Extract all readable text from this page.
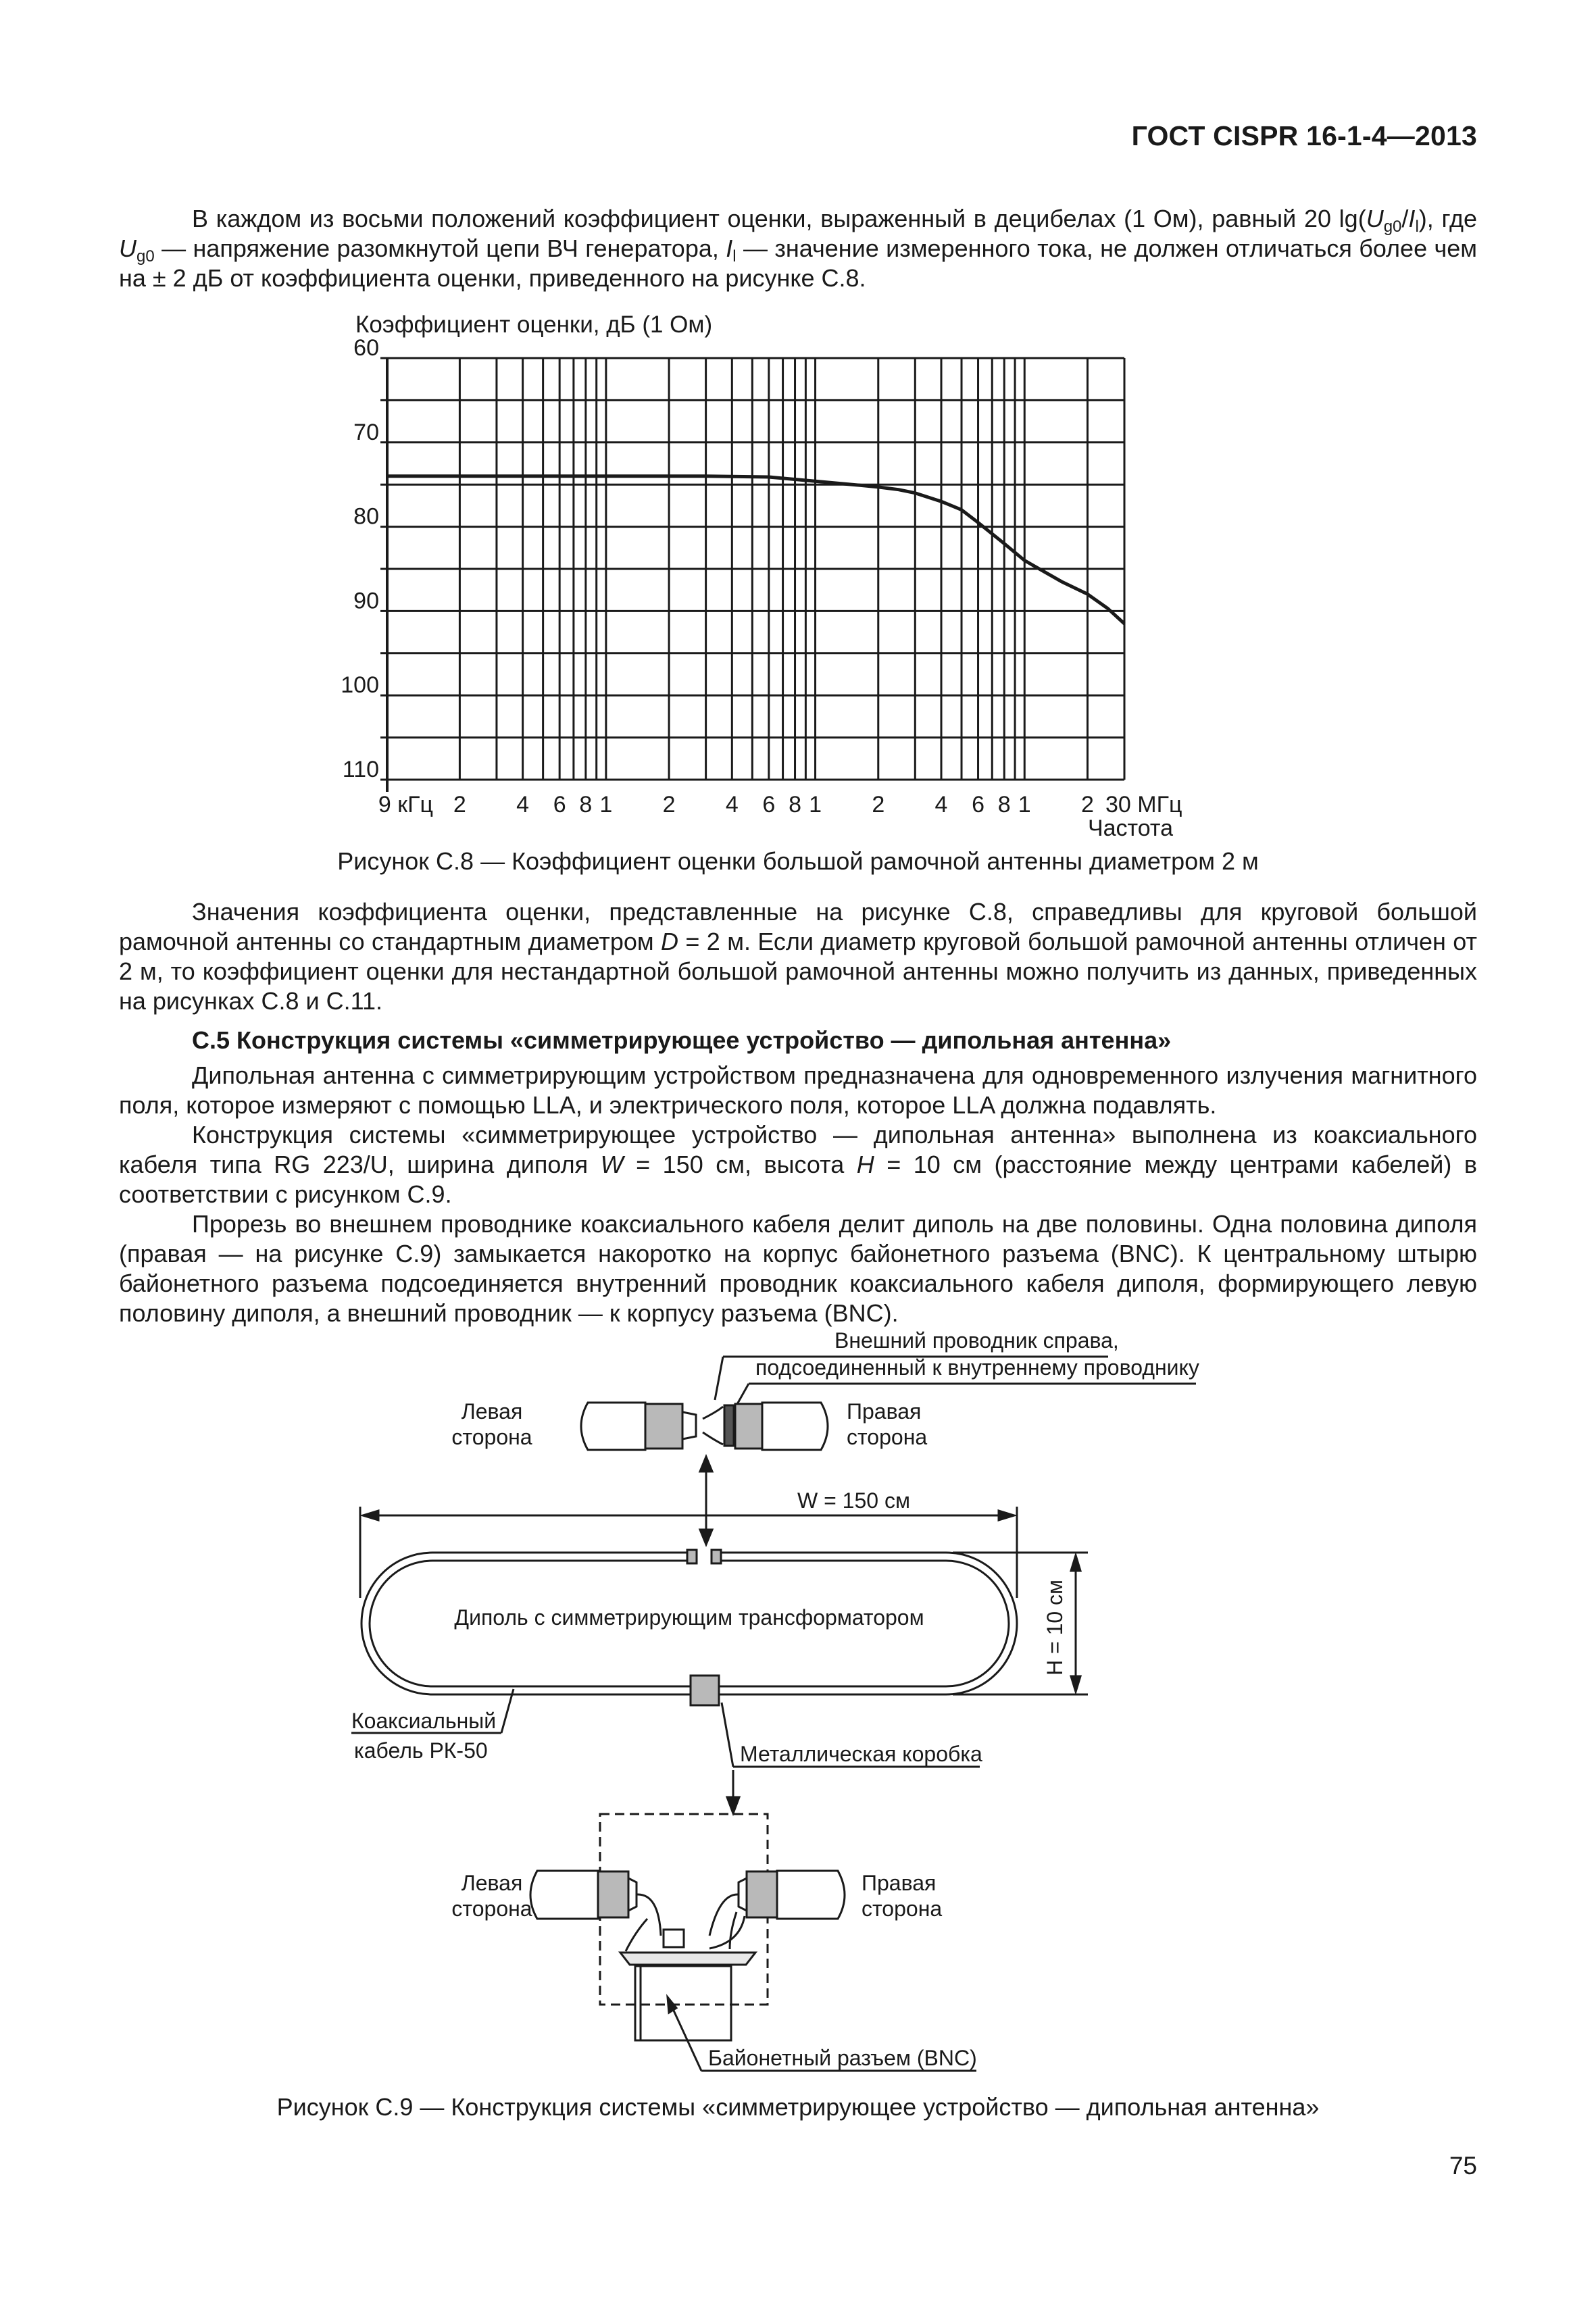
ГОСТ CISPR 16-1-4—2013
В каждом из восьми положений коэффициент оценки, выраженный в децибелах (1 Ом), равный 20 $\lg(U_{g0}/I_l)$, где $U_{g0}$ — напряжение разомкнутой цепи ВЧ генератора, $I_l$ — значение измеренного тока, не должен отличаться более чем на ± 2 дБ от коэффициента оценки, приведенного на рисунке С.8.
Коэффициент оценки, дБ (1 Ом)
60
70
80
90
100
110
9 кГц 2 4 6 8 1 2 4 6 8 1 2 4 6 8 1 2 30 МГц
Частота
Рисунок С.8 — Коэффициент оценки большой рамочной антенны диаметром 2 м
Значения коэффициента оценки, представленные на рисунке С.8, справедливы для круговой большой рамочной антенны со стандартным диаметром D = 2 м. Если диаметр круговой большой рамочной антенны отличен от 2 м, то коэффициент оценки для нестандартной большой рамочной антенны можно получить из данных, приведенных на рисунках С.8 и С.11.
С.5 Конструкция системы «симметрирующее устройство — дипольная антенна»
Дипольная антенна с симметрирующим устройством предназначена для одновременного излучения магнитного поля, которое измеряют с помощью LLA, и электрического поля, которое LLA должна подавлять.
Конструкция системы «симметрирующее устройство — дипольная антенна» выполнена из коаксиального кабеля типа RG 223/U, ширина диполя W = 150 см, высота H = 10 см (расстояние между центрами кабелей) в соответствии с рисунком С.9.
Прорезь во внешнем проводнике коаксиального кабеля делит диполь на две половины. Одна половина диполя (правая — на рисунке С.9) замыкается накоротко на корпус байонетного разъема (BNC). К центральному штырю байонетного разъема подсоединяется внутренний проводник коаксиального кабеля диполя, формирующего левую половину диполя, а внешний проводник — к корпусу разъема (BNC).
Внешний проводник справа,
подсоединенный к внутреннему проводнику
Левая
сторона
Правая
сторона
W = 150 см
Диполь с симметрирующим трансформатором	H = 10 см
Коаксиальный
кабель РК-50	Металлическая коробка
Левая
сторона
Правая
сторона
Байонетный разъем (BNC)
Рисунок С.9 — Конструкция системы «симметрирующее устройство — дипольная антенна»
75
